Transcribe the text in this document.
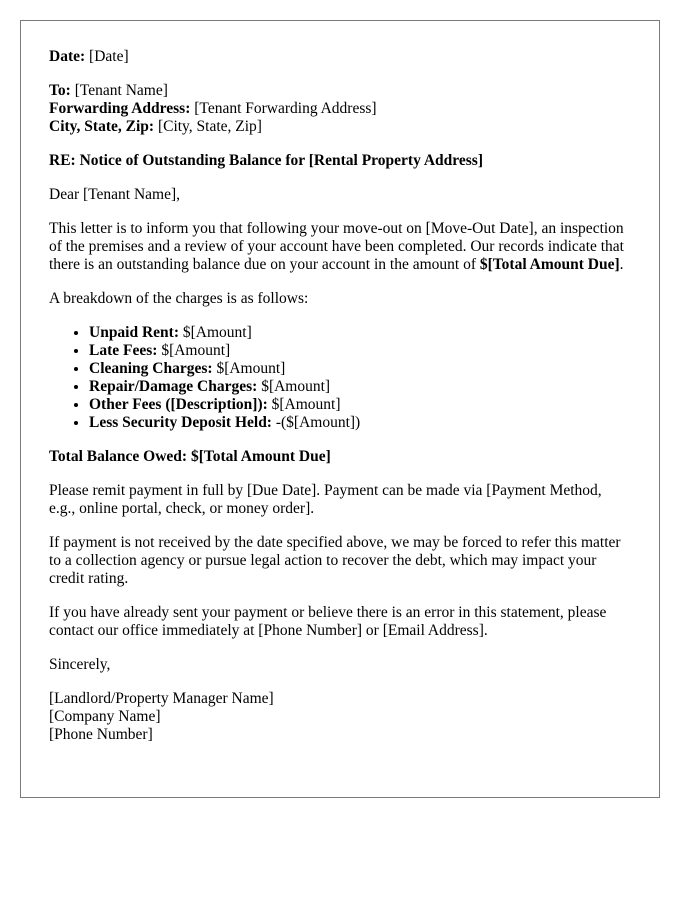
Date: [Date]

To: [Tenant Name]
Forwarding Address: [Tenant Forwarding Address]
City, State, Zip: [City, State, Zip]

RE: Notice of Outstanding Balance for [Rental Property Address]

Dear [Tenant Name],

This letter is to inform you that following your move-out on [Move-Out Date], an inspection of the premises and a review of your account have been completed. Our records indicate that there is an outstanding balance due on your account in the amount of $[Total Amount Due].

A breakdown of the charges is as follows:

• Unpaid Rent: $[Amount]
• Late Fees: $[Amount]
• Cleaning Charges: $[Amount]
• Repair/Damage Charges: $[Amount]
• Other Fees ([Description]): $[Amount]
• Less Security Deposit Held: -($[Amount])

Total Balance Owed: $[Total Amount Due]

Please remit payment in full by [Due Date]. Payment can be made via [Payment Method, e.g., online portal, check, or money order].

If payment is not received by the date specified above, we may be forced to refer this matter to a collection agency or pursue legal action to recover the debt, which may impact your credit rating.

If you have already sent your payment or believe there is an error in this statement, please contact our office immediately at [Phone Number] or [Email Address].

Sincerely,

[Landlord/Property Manager Name]
[Company Name]
[Phone Number]
